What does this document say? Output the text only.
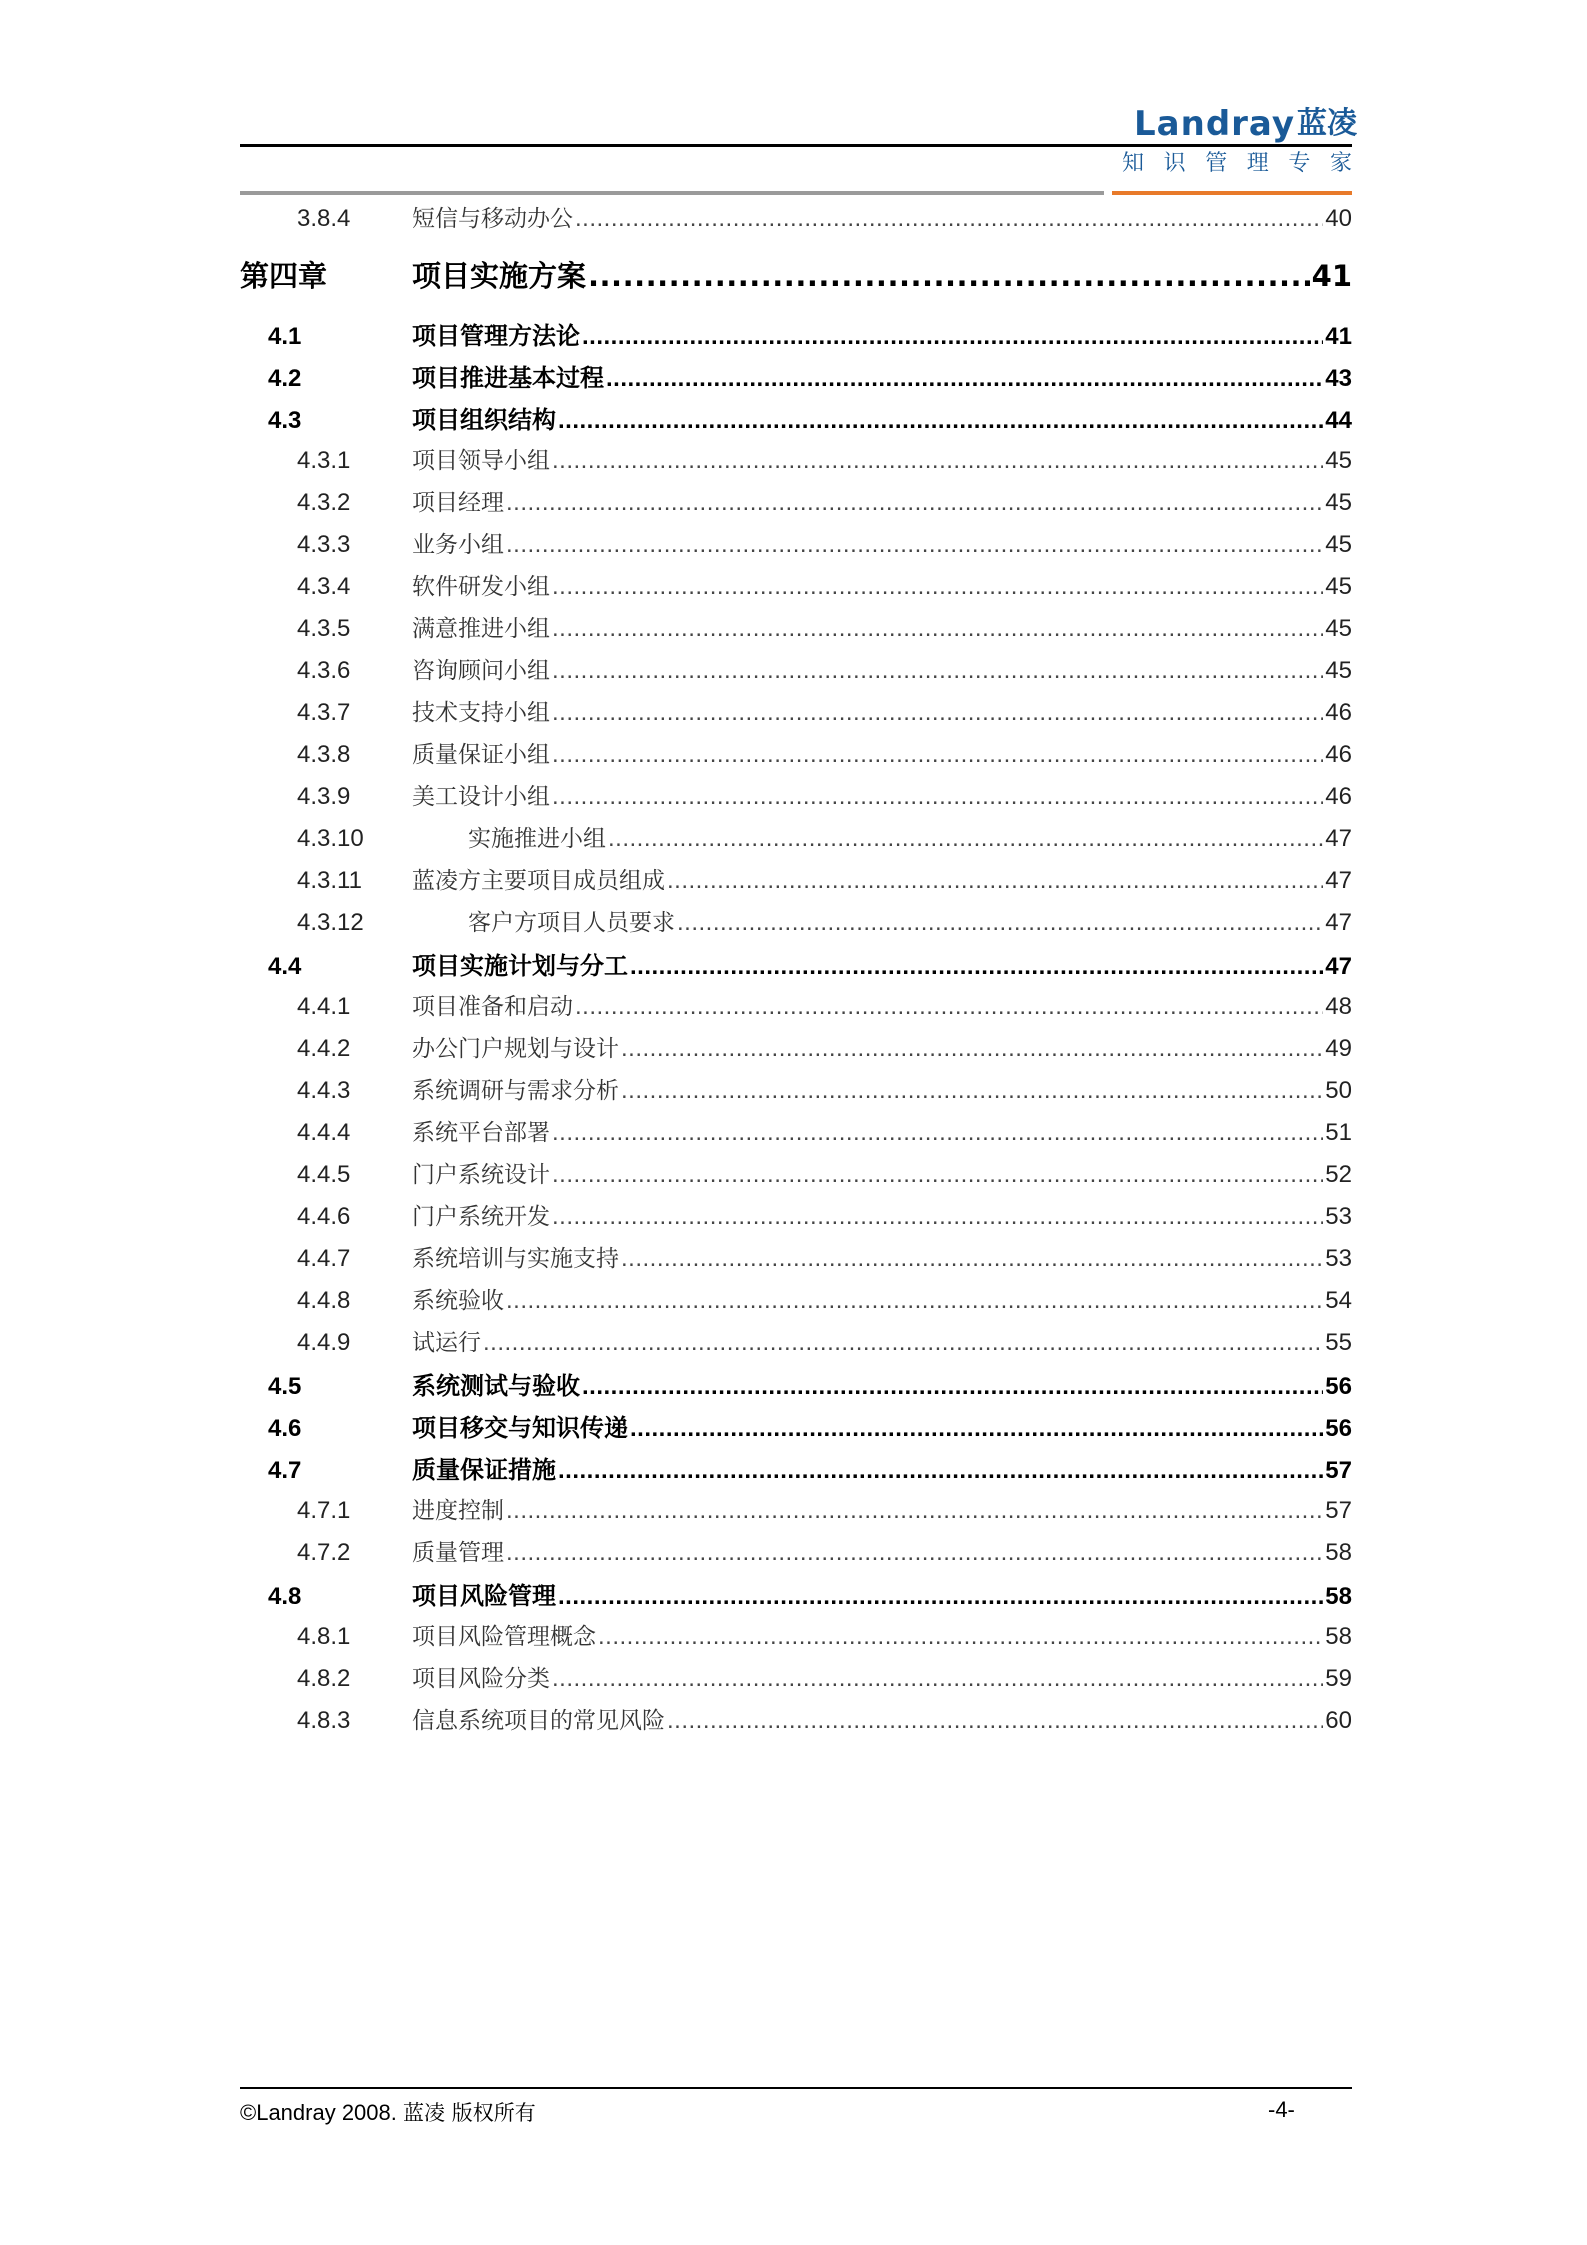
Landray 蓝凌
知 识 管 理 专 家
3.8.4	短信与移动办公 .....	40
第四章	项目实施方案 .....	41
4.1	项目管理方法论 .....	41
4.2	项目推进基本过程 .....	43
4.3	项目组织结构 .....	44
4.3.1	项目领导小组 .....	45
4.3.2	项目经理 .....	45
4.3.3	业务小组 .....	45
4.3.4	软件研发小组 .....	45
4.3.5	满意推进小组 .....	45
4.3.6	咨询顾问小组 .....	45
4.3.7	技术支持小组 .....	46
4.3.8	质量保证小组 .....	46
4.3.9	美工设计小组 .....	46
4.3.10	实施推进小组 .....	47
4.3.11	蓝凌方主要项目成员组成 .....	47
4.3.12	客户方项目人员要求 .....	47
4.4	项目实施计划与分工 .....	47
4.4.1	项目准备和启动 .....	48
4.4.2	办公门户规划与设计 .....	49
4.4.3	系统调研与需求分析 .....	50
4.4.4	系统平台部署 .....	51
4.4.5	门户系统设计 .....	52
4.4.6	门户系统开发 .....	53
4.4.7	系统培训与实施支持 .....	53
4.4.8	系统验收 .....	54
4.4.9	试运行 .....	55
4.5	系统测试与验收 .....	56
4.6	项目移交与知识传递 .....	56
4.7	质量保证措施 .....	57
4.7.1	进度控制 .....	57
4.7.2	质量管理 .....	58
4.8	项目风险管理 .....	58
4.8.1	项目风险管理概念 .....	58
4.8.2	项目风险分类 .....	59
4.8.3	信息系统项目的常见风险 .....	60
©Landray 2008. 蓝凌 版权所有	-4-
